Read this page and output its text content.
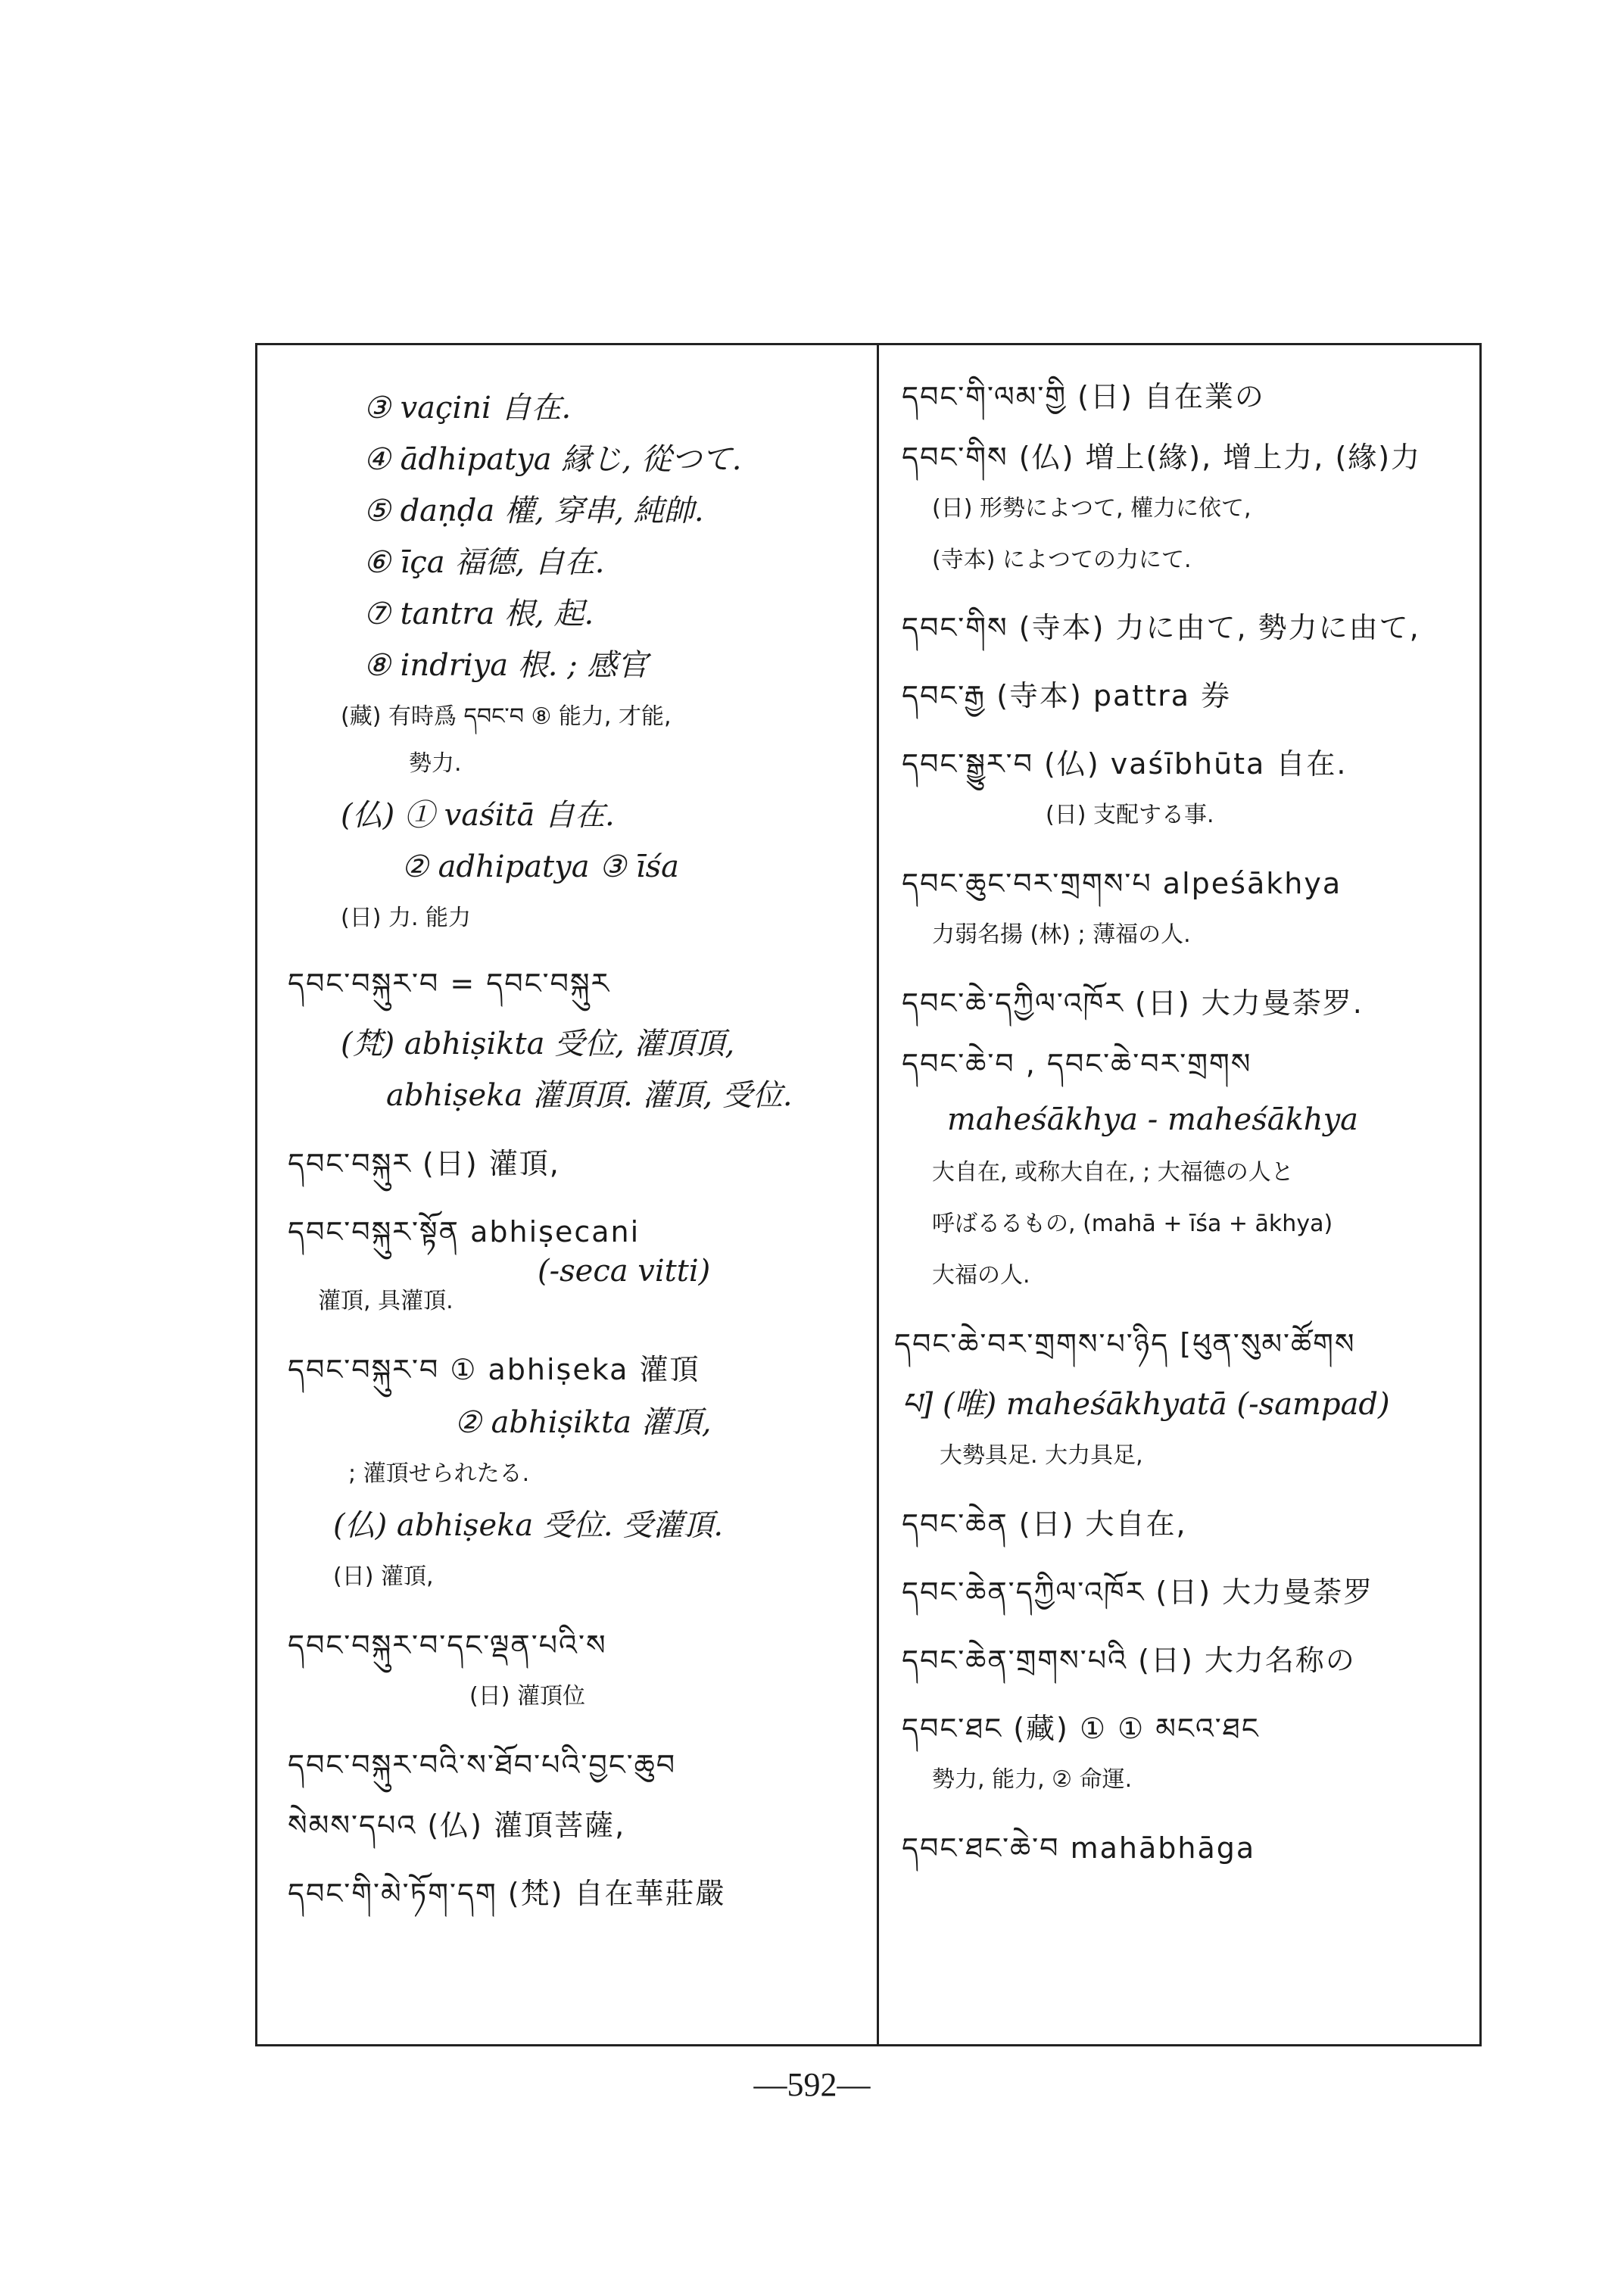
③ vaçini 自在.
④ ādhipatya 縁じ, 從つて.
⑤ daṇḍa 權, 穿串, 純帥.
⑥ īça 福德, 自在.
⑦ tantra 根, 起.
⑧ indriya 根. ; 感官
(藏) 有時爲 དབང་བ ⑧ 能力, 才能,
勢力.
(仏) ① vaśitā 自在.
② adhipatya ③ īśa
(日) 力. 能力
དབང་བསྐུར་བ = དབང་བསྐུར
(梵) abhiṣikta 受位, 灌頂頂,
abhiṣeka 灌頂頂. 灌頂, 受位.
དབང་བསྐུར (日) 灌頂,
དབང་བསྐུར་སྟོན abhiṣecani
(-seca vitti)
灌頂, 具灌頂.
དབང་བསྐུར་བ ① abhiṣeka 灌頂
② abhiṣikta 灌頂,
; 灌頂せられたる.
(仏) abhiṣeka 受位. 受灌頂.
(日) 灌頂,
དབང་བསྐུར་བ་དང་ལྡན་པའི་ས
(日) 灌頂位
དབང་བསྐུར་བའི་ས་ཐོབ་པའི་བྱང་ཆུབ
སེམས་དཔའ (仏) 灌頂菩薩,
དབང་གི་མེ་ཏོག་དག (梵) 自在華莊嚴
དབང་གི་ལམ་གྱི (日) 自在業の
དབང་གིས (仏) 増上(緣), 增上力, (緣)力
(日) 形勢によつて, 權力に依て,
(寺本) によつての力にて.
དབང་གིས (寺本) 力に由て, 勢力に由て,
དབང་རྒྱ (寺本) pattra 券
དབང་སྒྱུར་བ (仏) vaśībhūta 自在.
(日) 支配する事.
དབང་ཆུང་བར་གྲགས་པ alpeśākhya
力弱名揚 (林) ; 薄福の人.
དབང་ཆེ་དཀྱིལ་འཁོར (日) 大力曼荼罗.
དབང་ཆེ་བ , དབང་ཆེ་བར་གྲགས
maheśākhya - maheśākhya
大自在, 或称大自在, ; 大福德の人と
呼ばるるもの, (mahā + īśa + ākhya)
大福の人.
དབང་ཆེ་བར་གྲགས་པ་ཉིད [ཕུན་སུམ་ཚོགས
པ] (唯) maheśākhyatā (-sampad)
大勢具足. 大力具足,
དབང་ཆེན (日) 大自在,
དབང་ཆེན་དཀྱིལ་འཁོར (日) 大力曼荼罗
དབང་ཆེན་གྲགས་པའི (日) 大力名称の
དབང་ཐང (藏) ① ① མངའ་ཐང
勢力, 能力, ② 命運.
དབང་ཐང་ཆེ་བ mahābhāga
—592—
